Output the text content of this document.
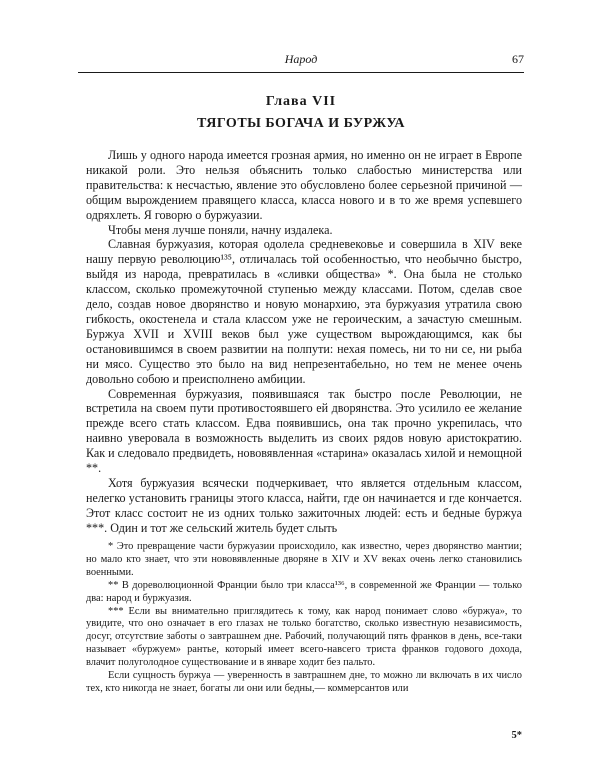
Народ	67
Глава VII
ТЯГОТЫ БОГАЧА И БУРЖУА

Лишь у одного народа имеется грозная армия, но именно он не играет в Европе никакой роли. Это нельзя объяснить только слабостью министерства или правительства: к несчастью, явление это обусловлено более серьезной причиной — общим вырождением правящего класса, класса нового и в то же время успевшего одряхлеть. Я говорю о буржуазии.

Чтобы меня лучше поняли, начну издалека.

Славная буржуазия, которая одолела средневековье и совершила в XIV веке нашу первую революцию¹³⁵, отличалась той особенностью, что необычно быстро, выйдя из народа, превратилась в «сливки общества» *. Она была не столько классом, сколько промежуточной ступенью между классами. Потом, сделав свое дело, создав новое дворянство и новую монархию, эта буржуазия утратила свою гибкость, окостенела и стала классом уже не героическим, а зачастую смешным. Буржуа XVII и XVIII веков был уже существом вырождающимся, как бы остановившимся в своем развитии на полпути: нехая помесь, ни то ни се, ни рыба ни мясо. Существо это было на вид непрезентабельно, но тем не менее очень довольно собою и преисполнено амбиции.

Современная буржуазия, появившаяся так быстро после Революции, не встретила на своем пути противостоявшего ей дворянства. Это усилило ее желание прежде всего стать классом. Едва появившись, она так прочно укрепилась, что наивно уверовала в возможность выделить из своих рядов новую аристократию. Как и следовало предвидеть, нововявленная «старина» оказалась хилой и немощной **.

Хотя буржуазия всячески подчеркивает, что является отдельным классом, нелегко установить границы этого класса, найти, где он начинается и где кончается. Этот класс состоит не из одних только зажиточных людей: есть и бедные буржуа ***. Один и тот же сельский житель будет слыть

* Это превращение части буржуазии происходило, как известно, через дворянство мантии; но мало кто знает, что эти нововявленные дворяне в XIV и XV веках очень легко становились военными.

** В дореволюционной Франции было три класса¹³⁶, в современной же Франции — только два: народ и буржуазия.

*** Если вы внимательно приглядитесь к тому, как народ понимает слово «буржуа», то увидите, что оно означает в его глазах не только богатство, сколько известную независимость, досуг, отсутствие заботы о завтрашнем дне. Рабочий, получающий пять франков в день, все-таки называет «буржуем» рантье, который имеет всего-навсего триста франков годового дохода, влачит полуголодное существование и в январе ходит без пальто.

Если сущность буржуа — уверенность в завтрашнем дне, то можно ли включать в их число тех, кто никогда не знает, богаты ли они или бедны,— коммерсантов или

5*
